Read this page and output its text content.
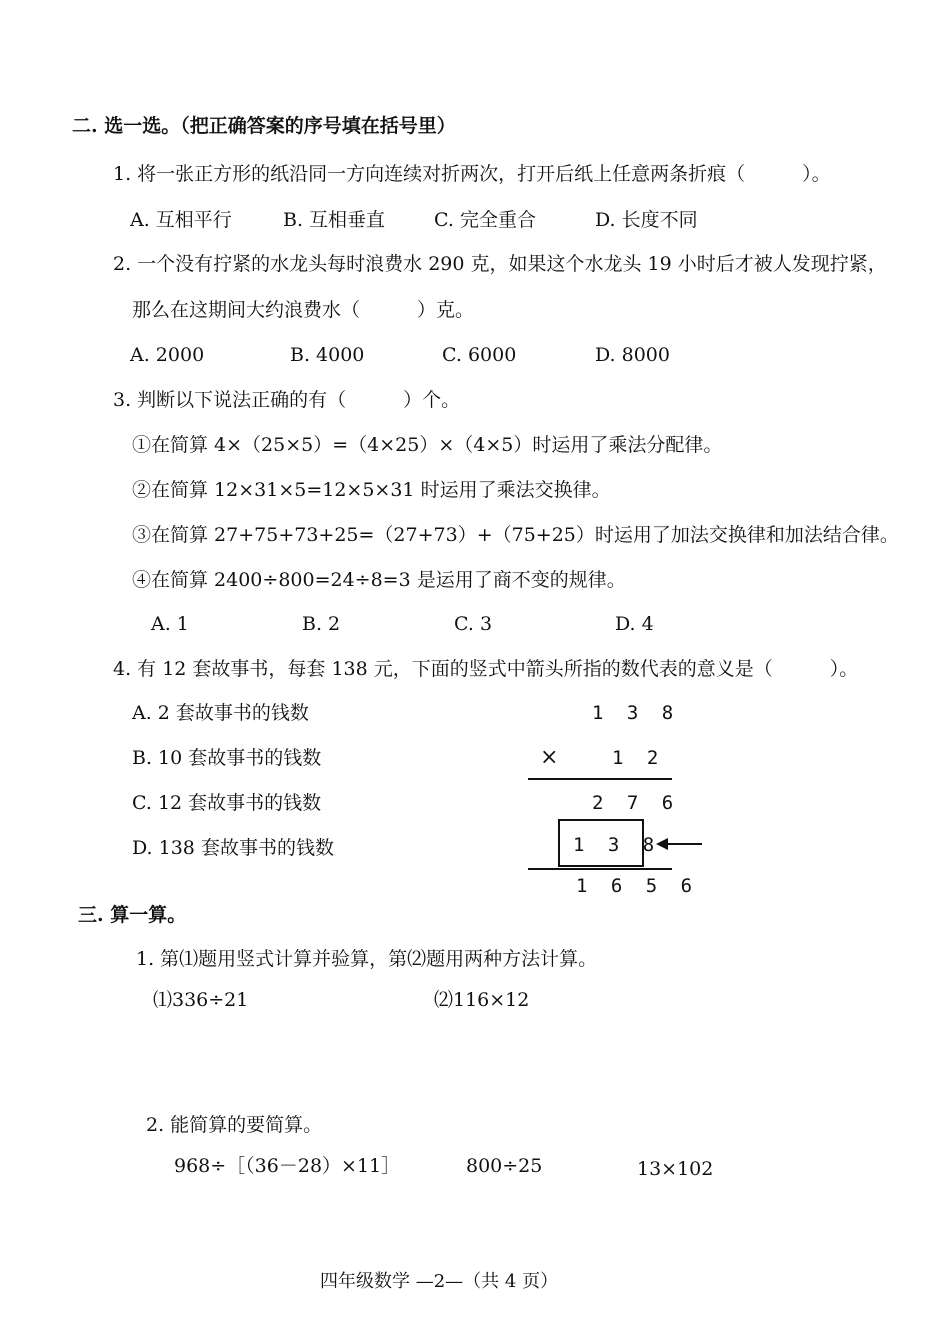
二. 选一选。（把正确答案的序号填在括号里）
1. 将一张正方形的纸沿同一方向连续对折两次，打开后纸上任意两条折痕（　　　）。
A. 互相平行	B. 互相垂直	C. 完全重合	D. 长度不同
2. 一个没有拧紧的水龙头每时浪费水 290 克，如果这个水龙头 19 小时后才被人发现拧紧，
那么在这期间大约浪费水（　　　）克。
A. 2000	B. 4000	C. 6000	D. 8000
3. 判断以下说法正确的有（　　　）个。
①在简算 4×（25×5）=（4×25）×（4×5）时运用了乘法分配律。
②在简算 12×31×5=12×5×31 时运用了乘法交换律。
③在简算 27+75+73+25=（27+73）+（75+25）时运用了加法交换律和加法结合律。
④在简算 2400÷800=24÷8=3 是运用了商不变的规律。
A. 1	B. 2	C. 3	D. 4
4. 有 12 套故事书，每套 138 元，下面的竖式中箭头所指的数代表的意义是（　　　）。
A. 2 套故事书的钱数
B. 10 套故事书的钱数
C. 12 套故事书的钱数
D. 138 套故事书的钱数
1 3 8
×	1 2
2 7 6
1 3 8
1 6 5 6
三. 算一算。
1. 第⑴题用竖式计算并验算，第⑵题用两种方法计算。
⑴336÷21	⑵116×12
2. 能简算的要简算。
968÷［（36－28）×11］	800÷25	13×102
四年级数学 —2—（共 4 页）
